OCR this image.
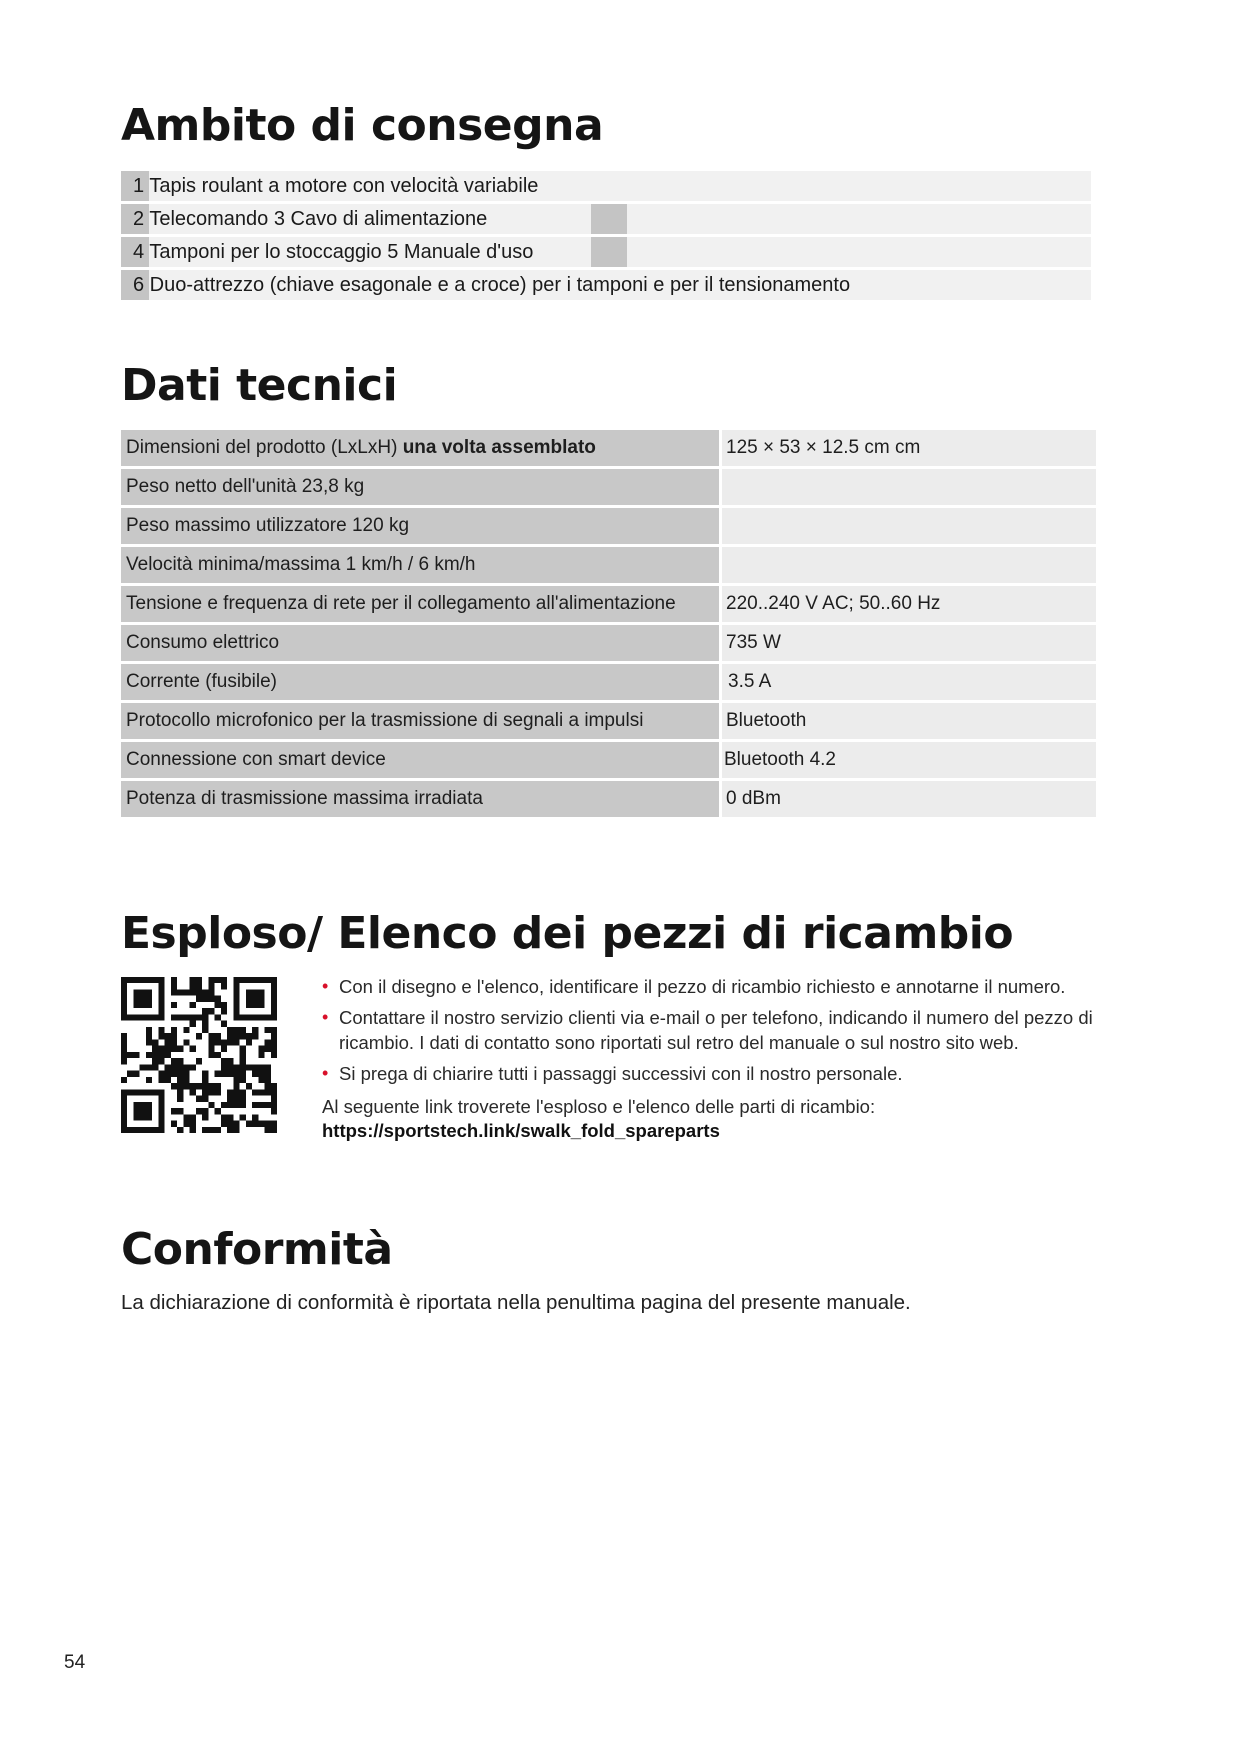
Ambito di consegna
1 Tapis roulant a motore con velocità variabile
2 Telecomando 3 Cavo di alimentazione
4 Tamponi per lo stoccaggio 5 Manuale d'uso
6 Duo-attrezzo (chiave esagonale e a croce) per i tamponi e per il tensionamento
Dati tecnici
Dimensioni del prodotto (LxLxH) una volta assemblato	125 × 53 × 12.5 cm cm
Peso netto dell'unità 23,8 kg
Peso massimo utilizzatore 120 kg
Velocità minima/massima 1 km/h / 6 km/h
Tensione e frequenza di rete per il collegamento all'alimentazione	220..240 V AC; 50..60 Hz
Consumo elettrico	735 W
Corrente (fusibile)	3.5 A
Protocollo microfonico per la trasmissione di segnali a impulsi	Bluetooth
Connessione con smart device	Bluetooth 4.2
Potenza di trasmissione massima irradiata	0 dBm
Esploso/ Elenco dei pezzi di ricambio
• Con il disegno e l'elenco, identificare il pezzo di ricambio richiesto e annotarne il numero.
• Contattare il nostro servizio clienti via e-mail o per telefono, indicando il numero del pezzo di ricambio. I dati di contatto sono riportati sul retro del manuale o sul nostro sito web.
• Si prega di chiarire tutti i passaggi successivi con il nostro personale.
Al seguente link troverete l'esploso e l'elenco delle parti di ricambio:
https://sportstech.link/swalk_fold_spareparts
Conformità
La dichiarazione di conformità è riportata nella penultima pagina del presente manuale.
54
